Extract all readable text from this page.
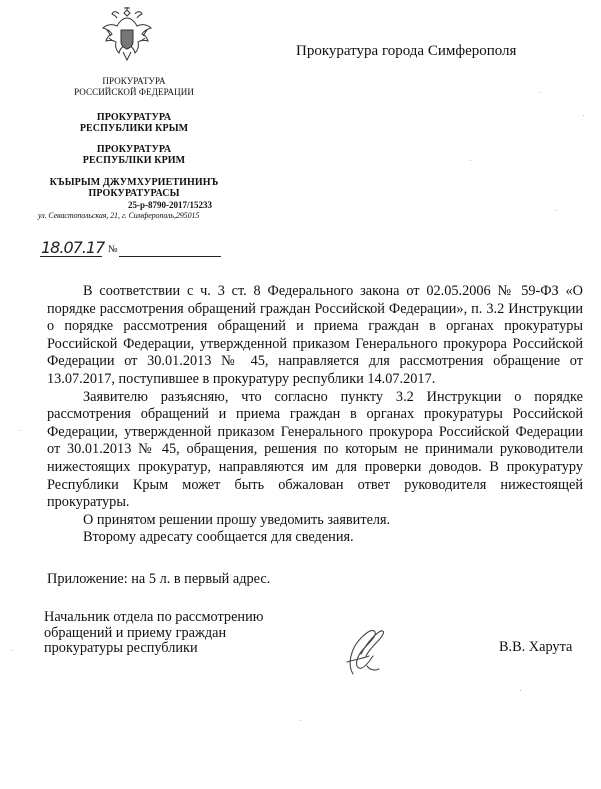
ПРОКУРАТУРА
РОССИЙСКОЙ ФЕДЕРАЦИИ
ПРОКУРАТУРА
РЕСПУБЛИКИ КРЫМ
ПРОКУРАТУРА
РЕСПУБЛІКИ КРИМ
КЪЫРЫМ ДЖУМХУРИЕТИНИНЪ
ПРОКУРАТУРАСЫ
25-р-8790-2017/15233
ул. Севастопольская, 21, г. Симферополь,295015
Прокуратура города Симферополя
18.07.17 №

В соответствии с ч. 3 ст. 8 Федерального закона от 02.05.2006 № 59-ФЗ «О порядке рассмотрения обращений граждан Российской Федерации», п. 3.2 Инструкции о порядке рассмотрения обращений и приема граждан в органах прокуратуры Российской Федерации, утвержденной приказом Генерального прокурора Российской Федерации от 30.01.2013 № 45, направляется для рассмотрения обращение от 13.07.2017, поступившее в прокуратуру республики 14.07.2017.

Заявителю разъясняю, что согласно пункту 3.2 Инструкции о порядке рассмотрения обращений и приема граждан в органах прокуратуры Российской Федерации, утвержденной приказом Генерального прокурора Российской Федерации от 30.01.2013 № 45, обращения, решения по которым не принимали руководители нижестоящих прокуратур, направляются им для проверки доводов. В прокуратуру Республики Крым может быть обжалован ответ руководителя нижестоящей прокуратуры.

О принятом решении прошу уведомить заявителя.

Второму адресату сообщается для сведения.

Приложение: на 5 л. в первый адрес.
Начальник отдела по рассмотрению
обращений и приему граждан
прокуратуры республики	В.В. Харута
